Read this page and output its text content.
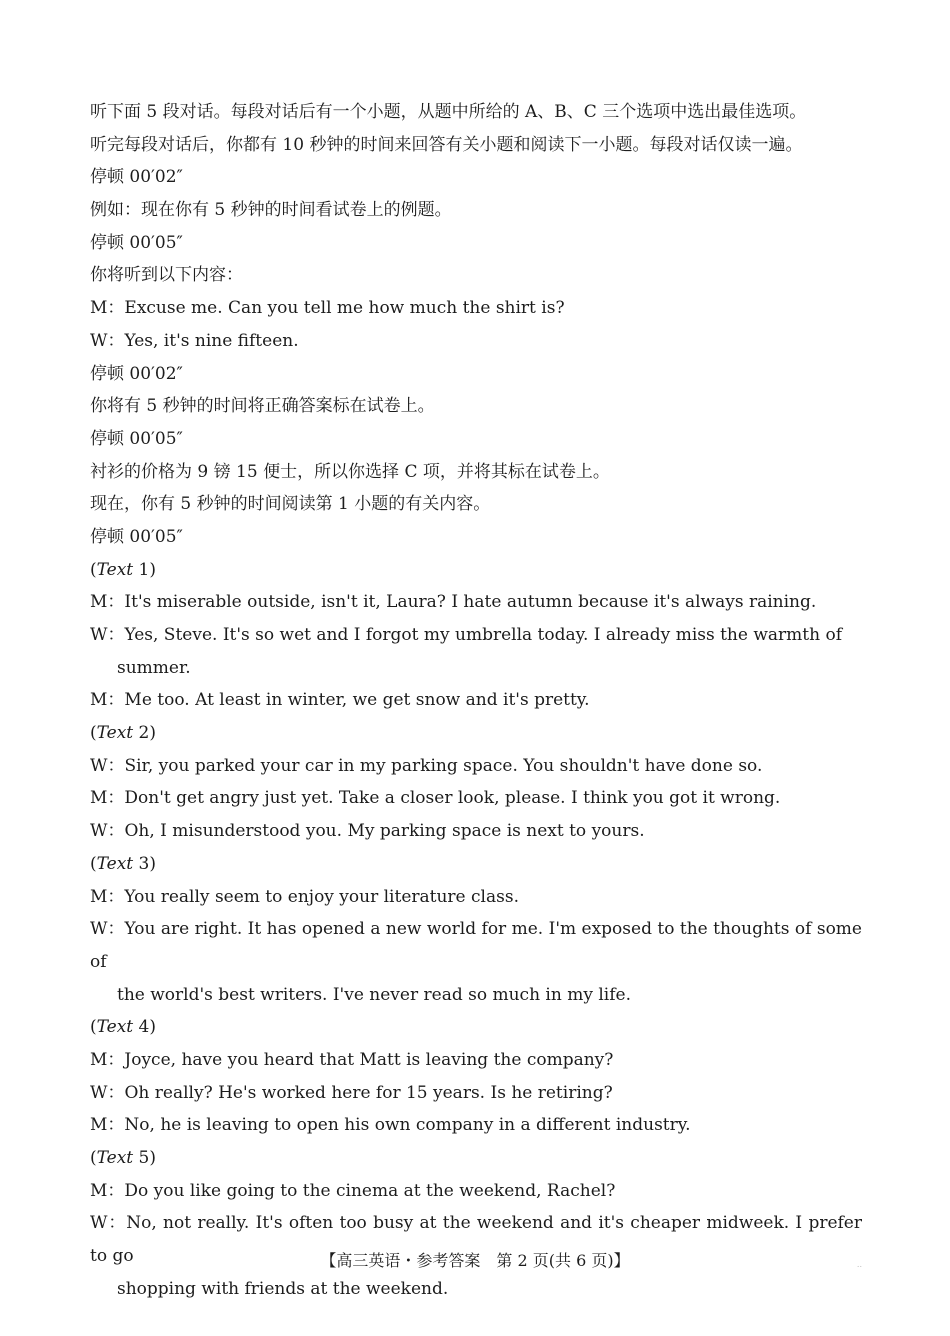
听下面 5 段对话。每段对话后有一个小题，从题中所给的 A、B、C 三个选项中选出最佳选项。
听完每段对话后，你都有 10 秒钟的时间来回答有关小题和阅读下一小题。每段对话仅读一遍。
停顿 00′02″
例如：现在你有 5 秒钟的时间看试卷上的例题。
停顿 00′05″
你将听到以下内容：
M：Excuse me. Can you tell me how much the shirt is?
W：Yes, it's nine fifteen.
停顿 00′02″
你将有 5 秒钟的时间将正确答案标在试卷上。
停顿 00′05″
衬衫的价格为 9 镑 15 便士，所以你选择 C 项，并将其标在试卷上。
现在，你有 5 秒钟的时间阅读第 1 小题的有关内容。
停顿 00′05″
(Text 1)
M：It's miserable outside, isn't it, Laura? I hate autumn because it's always raining.
W：Yes, Steve. It's so wet and I forgot my umbrella today. I already miss the warmth of
summer.
M：Me too. At least in winter, we get snow and it's pretty.
(Text 2)
W：Sir, you parked your car in my parking space. You shouldn't have done so.
M：Don't get angry just yet. Take a closer look, please. I think you got it wrong.
W：Oh, I misunderstood you. My parking space is next to yours.
(Text 3)
M：You really seem to enjoy your literature class.
W：You are right. It has opened a new world for me. I'm exposed to the thoughts of some of
the world's best writers. I've never read so much in my life.
(Text 4)
M：Joyce, have you heard that Matt is leaving the company?
W：Oh really? He's worked here for 15 years. Is he retiring?
M：No, he is leaving to open his own company in a different industry.
(Text 5)
M：Do you like going to the cinema at the weekend, Rachel?
W：No, not really. It's often too busy at the weekend and it's cheaper midweek. I prefer to go
shopping with friends at the weekend.
【高三英语・参考答案　第 2 页(共 6 页)】	..
